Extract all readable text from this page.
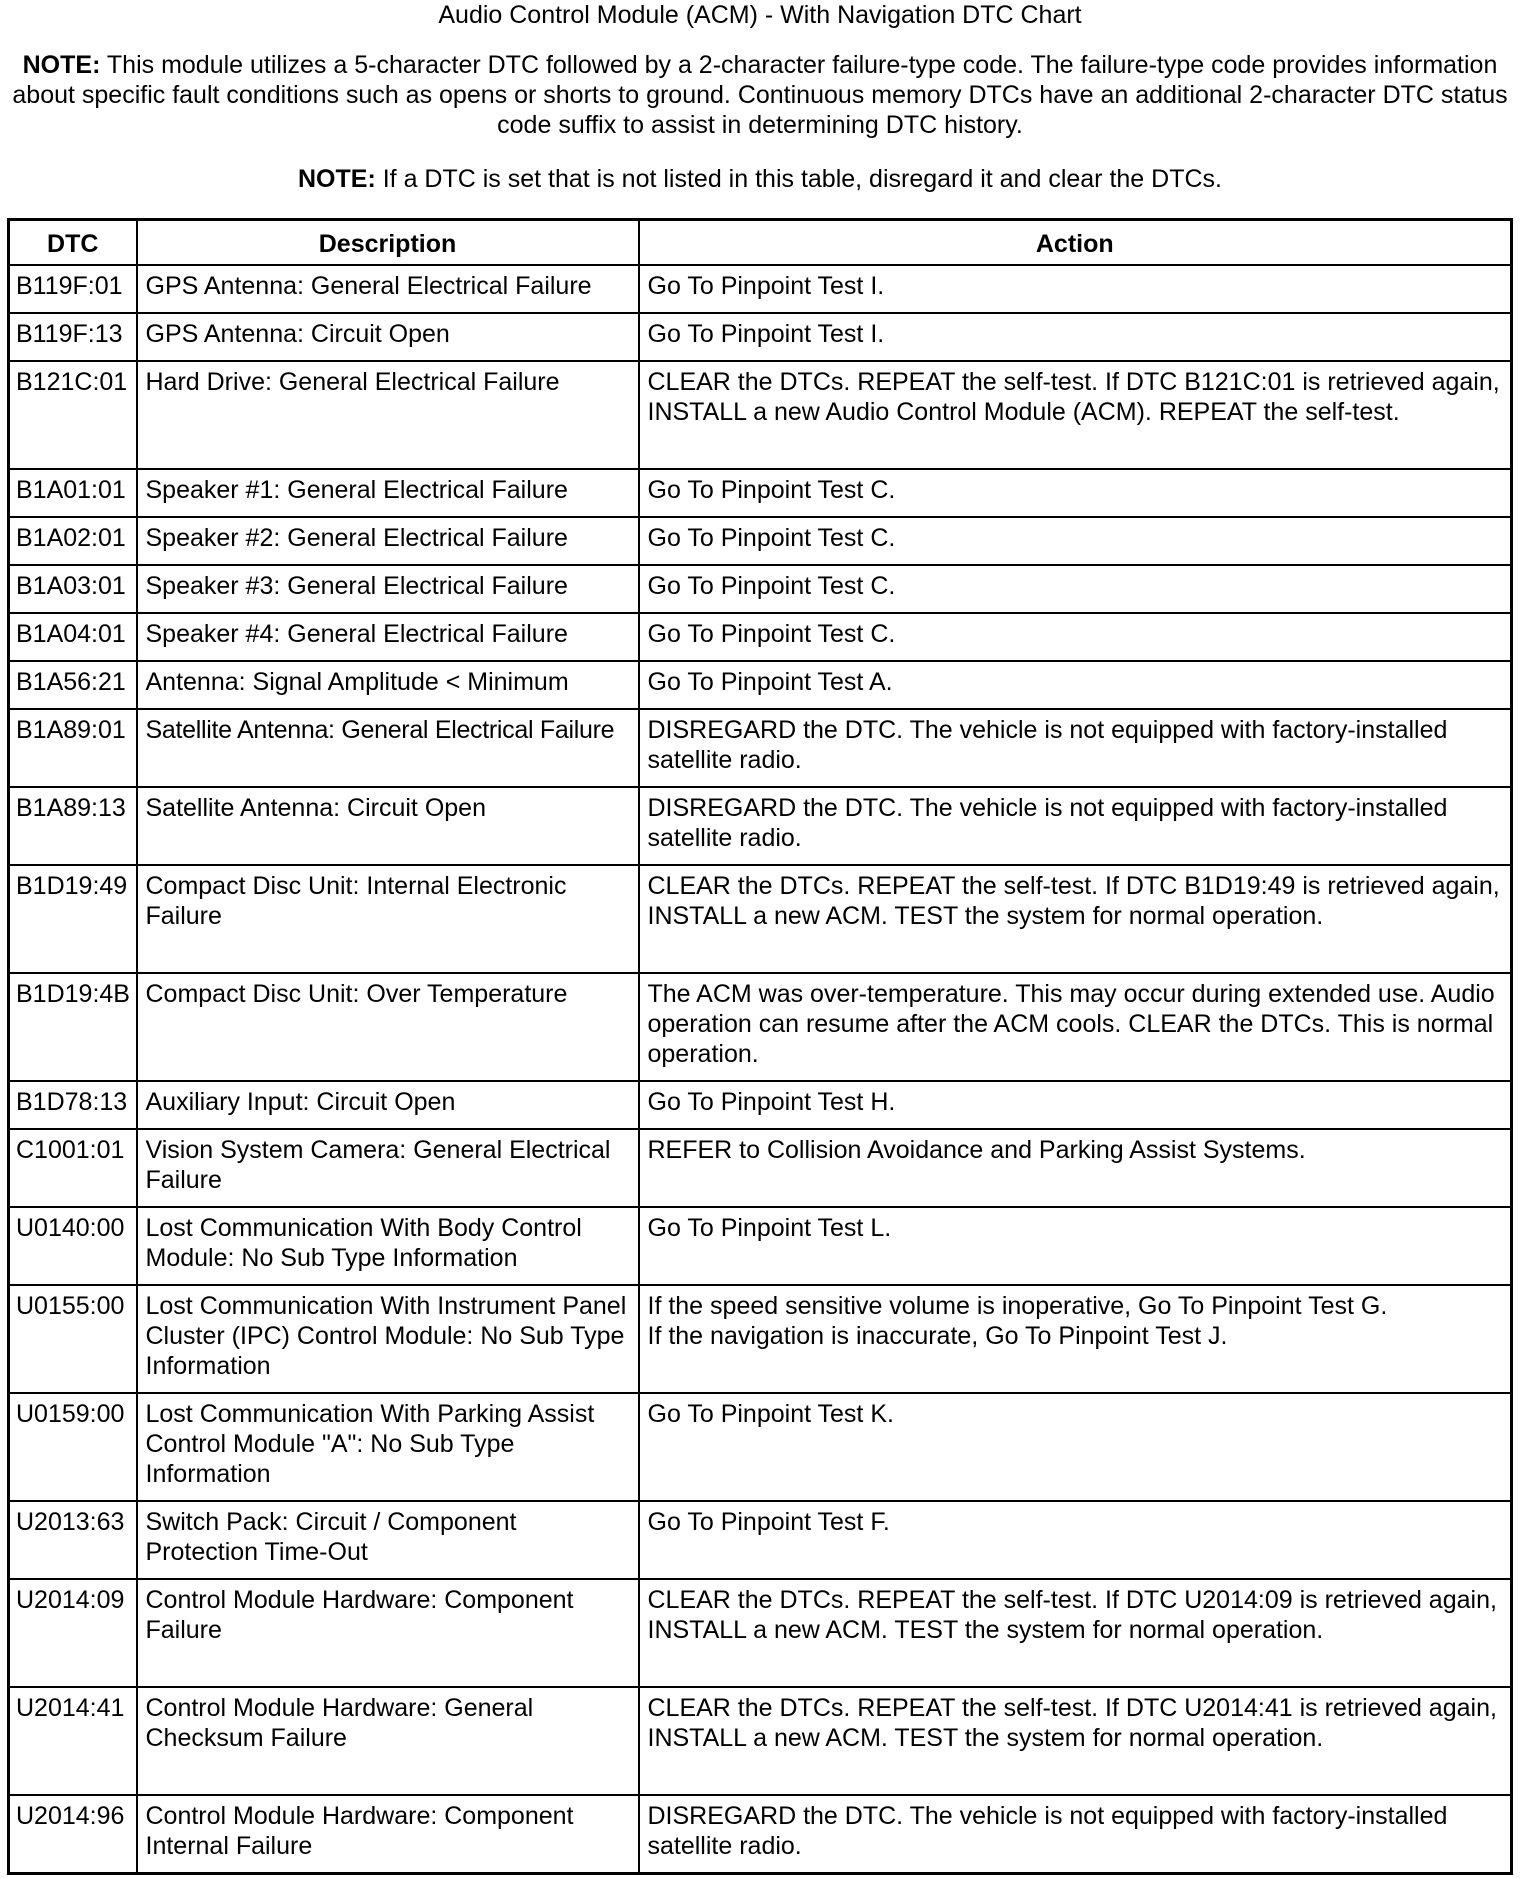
Audio Control Module (ACM) - With Navigation DTC Chart
NOTE: This module utilizes a 5-character DTC followed by a 2-character failure-type code. The failure-type code provides information about specific fault conditions such as opens or shorts to ground. Continuous memory DTCs have an additional 2-character DTC status code suffix to assist in determining DTC history.
NOTE: If a DTC is set that is not listed in this table, disregard it and clear the DTCs.
DTC	Description	Action
B119F:01	GPS Antenna: General Electrical Failure	Go To Pinpoint Test I.
B119F:13	GPS Antenna: Circuit Open	Go To Pinpoint Test I.
B121C:01	Hard Drive: General Electrical Failure	CLEAR the DTCs. REPEAT the self-test. If DTC B121C:01 is retrieved again, INSTALL a new Audio Control Module (ACM). REPEAT the self-test.
B1A01:01	Speaker #1: General Electrical Failure	Go To Pinpoint Test C.
B1A02:01	Speaker #2: General Electrical Failure	Go To Pinpoint Test C.
B1A03:01	Speaker #3: General Electrical Failure	Go To Pinpoint Test C.
B1A04:01	Speaker #4: General Electrical Failure	Go To Pinpoint Test C.
B1A56:21	Antenna: Signal Amplitude < Minimum	Go To Pinpoint Test A.
B1A89:01	Satellite Antenna: General Electrical Failure	DISREGARD the DTC. The vehicle is not equipped with factory-installed satellite radio.
B1A89:13	Satellite Antenna: Circuit Open	DISREGARD the DTC. The vehicle is not equipped with factory-installed satellite radio.
B1D19:49	Compact Disc Unit: Internal Electronic Failure	CLEAR the DTCs. REPEAT the self-test. If DTC B1D19:49 is retrieved again, INSTALL a new ACM. TEST the system for normal operation.
B1D19:4B	Compact Disc Unit: Over Temperature	The ACM was over-temperature. This may occur during extended use. Audio operation can resume after the ACM cools. CLEAR the DTCs. This is normal operation.
B1D78:13	Auxiliary Input: Circuit Open	Go To Pinpoint Test H.
C1001:01	Vision System Camera: General Electrical Failure	REFER to Collision Avoidance and Parking Assist Systems.
U0140:00	Lost Communication With Body Control Module: No Sub Type Information	Go To Pinpoint Test L.
U0155:00	Lost Communication With Instrument Panel Cluster (IPC) Control Module: No Sub Type Information	If the speed sensitive volume is inoperative, Go To Pinpoint Test G.
If the navigation is inaccurate, Go To Pinpoint Test J.
U0159:00	Lost Communication With Parking Assist Control Module "A": No Sub Type Information	Go To Pinpoint Test K.
U2013:63	Switch Pack: Circuit / Component Protection Time-Out	Go To Pinpoint Test F.
U2014:09	Control Module Hardware: Component Failure	CLEAR the DTCs. REPEAT the self-test. If DTC U2014:09 is retrieved again, INSTALL a new ACM. TEST the system for normal operation.
U2014:41	Control Module Hardware: General Checksum Failure	CLEAR the DTCs. REPEAT the self-test. If DTC U2014:41 is retrieved again, INSTALL a new ACM. TEST the system for normal operation.
U2014:96	Control Module Hardware: Component Internal Failure	DISREGARD the DTC. The vehicle is not equipped with factory-installed satellite radio.
